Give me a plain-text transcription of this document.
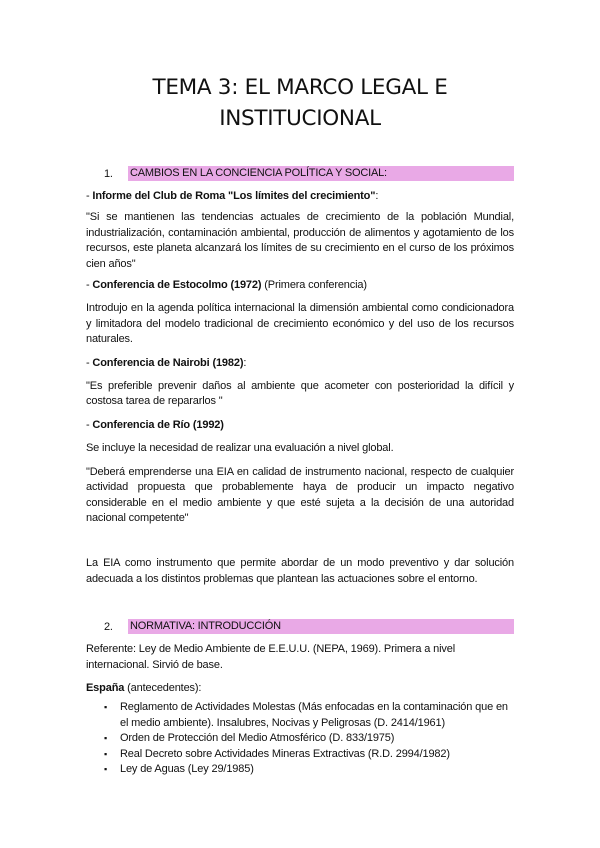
TEMA 3: EL MARCO LEGAL E
INSTITUCIONAL
1.	CAMBIOS EN LA CONCIENCIA POLÍTICA Y SOCIAL:

- Informe del Club de Roma "Los límites del crecimiento":

"Si se mantienen las tendencias actuales de crecimiento de la población Mundial, industrialización, contaminación ambiental, producción de alimentos y agotamiento de los recursos, este planeta alcanzará los límites de su crecimiento en el curso de los próximos cien años"

- Conferencia de Estocolmo (1972) (Primera conferencia)

Introdujo en la agenda política internacional la dimensión ambiental como condicionadora y limitadora del modelo tradicional de crecimiento económico y del uso de los recursos naturales.

- Conferencia de Nairobi (1982):

"Es preferible prevenir daños al ambiente que acometer con posterioridad la difícil y costosa tarea de repararlos "

- Conferencia de Río (1992)

Se incluye la necesidad de realizar una evaluación a nivel global.

"Deberá emprenderse una EIA en calidad de instrumento nacional, respecto de cualquier actividad propuesta que probablemente haya de producir un impacto negativo considerable en el medio ambiente y que esté sujeta a la decisión de una autoridad nacional competente"

La EIA como instrumento que permite abordar de un modo preventivo y dar solución adecuada a los distintos problemas que plantean las actuaciones sobre el entorno.

2.	NORMATIVA: INTRODUCCIÓN

Referente: Ley de Medio Ambiente de E.E.U.U. (NEPA, 1969). Primera a nivel internacional. Sirvió de base.

España (antecedentes):

▪ Reglamento de Actividades Molestas (Más enfocadas en la contaminación que en el medio ambiente). Insalubres, Nocivas y Peligrosas (D. 2414/1961)
▪ Orden de Protección del Medio Atmosférico (D. 833/1975)
▪ Real Decreto sobre Actividades Mineras Extractivas (R.D. 2994/1982)
▪ Ley de Aguas (Ley 29/1985)
